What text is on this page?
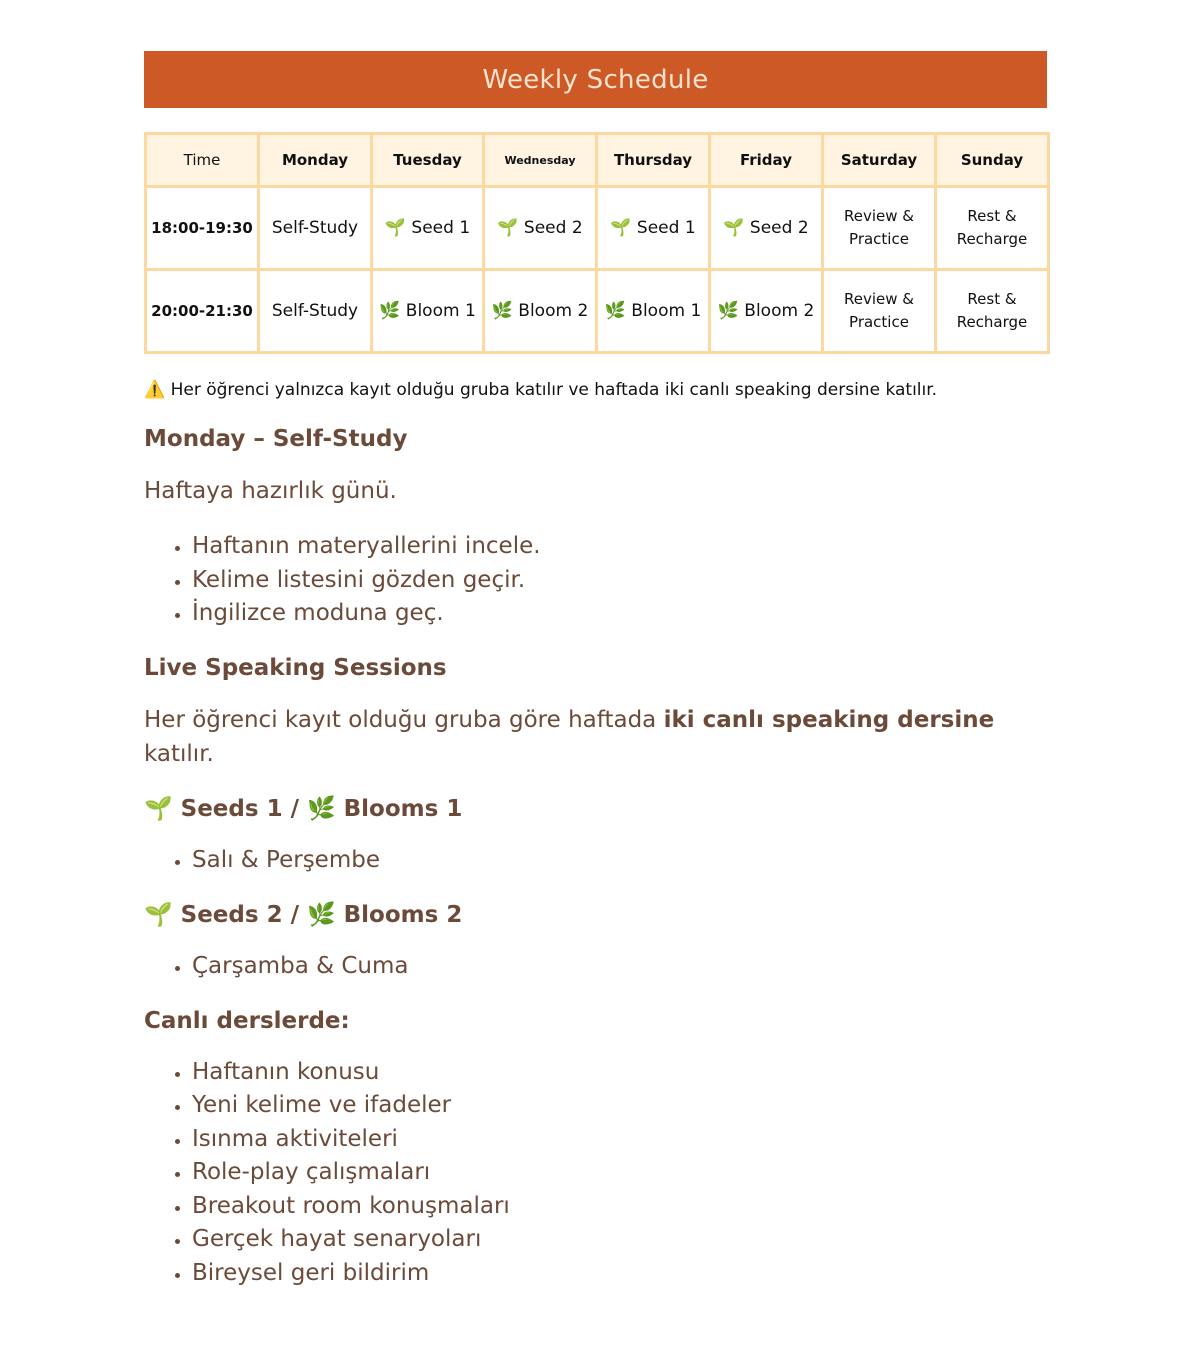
Weekly Schedule
Time	Monday	Tuesday	Wednesday	Thursday	Friday	Saturday	Sunday
18:00-19:30	Self-Study	🌱 Seed 1	🌱 Seed 2	🌱 Seed 1	🌱 Seed 2	Review & Practice	Rest & Recharge
20:00-21:30	Self-Study	🌿 Bloom 1	🌿 Bloom 2	🌿 Bloom 1	🌿 Bloom 2	Review & Practice	Rest & Recharge
⚠️ Her öğrenci yalnızca kayıt olduğu gruba katılır ve haftada iki canlı speaking dersine katılır.
Monday – Self-Study

Haftaya hazırlık günü.

• Haftanın materyallerini incele.
• Kelime listesini gözden geçir.
• İngilizce moduna geç.
Live Speaking Sessions

Her öğrenci kayıt olduğu gruba göre haftada iki canlı speaking dersine katılır.

🌱 Seeds 1 / 🌿 Blooms 1
• Salı & Perşembe
🌱 Seeds 2 / 🌿 Blooms 2
• Çarşamba & Cuma
Canlı derslerde:
• Haftanın konusu
• Yeni kelime ve ifadeler
• Isınma aktiviteleri
• Role-play çalışmaları
• Breakout room konuşmaları
• Gerçek hayat senaryoları
• Bireysel geri bildirim
